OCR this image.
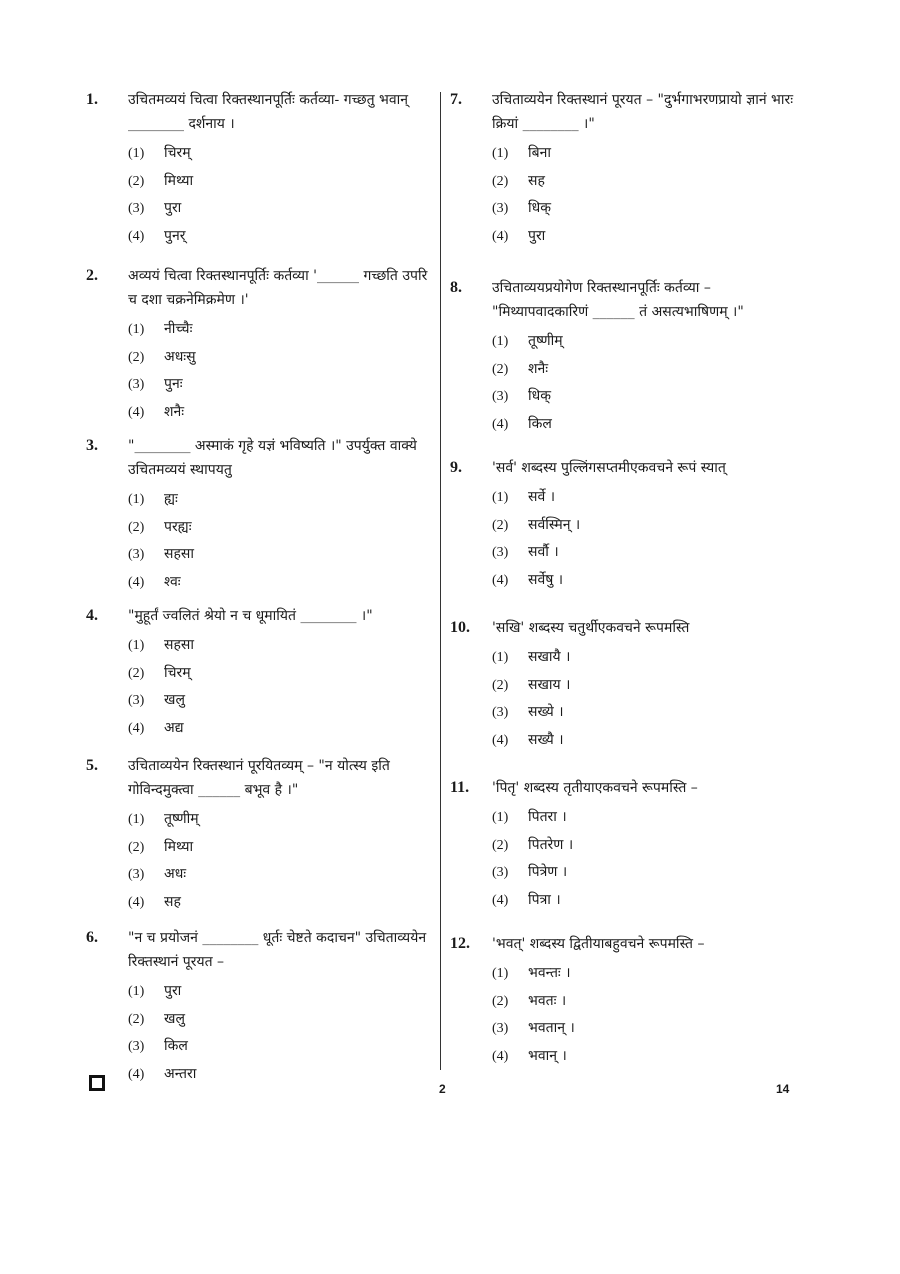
1.	उचितमव्ययं चित्वा रिक्तस्थानपूर्तिः कर्तव्या- गच्छतु भवान् ________ दर्शनाय ।
(1) चिरम्
(2) मिथ्या
(3) पुरा
(4) पुनर्
2.	अव्ययं चित्वा रिक्तस्थानपूर्तिः कर्तव्या '______ गच्छति उपरि च दशा चक्रनेमिक्रमेण ।'
(1) नीच्चैः
(2) अधःसु
(3) पुनः
(4) शनैः
3.	"________ अस्माकं गृहे यज्ञं भविष्यति ।" उपर्युक्त वाक्ये उचितमव्ययं स्थापयतु
(1) ह्यः
(2) परह्यः
(3) सहसा
(4) श्वः
4.	"मुहूर्तं ज्वलितं श्रेयो न च धूमायितं ________ ।"
(1) सहसा
(2) चिरम्
(3) खलु
(4) अद्य
5.	उचिताव्ययेन रिक्तस्थानं पूरयितव्यम् – "न योत्स्य इति गोविन्दमुक्त्वा ______ बभूव है ।"
(1) तूष्णीम्
(2) मिथ्या
(3) अधः
(4) सह
6.	"न च प्रयोजनं ________ धूर्तः चेष्टते कदाचन" उचिताव्ययेन रिक्तस्थानं पूरयत –
(1) पुरा
(2) खलु
(3) किल
(4) अन्तरा
7.	उचिताव्ययेन रिक्तस्थानं पूरयत – "दुर्भगाभरणप्रायो ज्ञानं भारः क्रियां ________ ।"
(1) बिना
(2) सह
(3) धिक्
(4) पुरा
8.	उचिताव्ययप्रयोगेण रिक्तस्थानपूर्तिः कर्तव्या – "मिथ्यापवादकारिणं ______ तं असत्यभाषिणम् ।"
(1) तूष्णीम्
(2) शनैः
(3) धिक्
(4) किल
9.	'सर्व' शब्दस्य पुल्लिंगसप्तमीएकवचने रूपं स्यात्
(1) सर्वे ।
(2) सर्वस्मिन् ।
(3) सर्वौ ।
(4) सर्वेषु ।
10.	'सखि' शब्दस्य चतुर्थीएकवचने रूपमस्ति
(1) सखायै ।
(2) सखाय ।
(3) सख्ये ।
(4) सख्यै ।
11.	'पितृ' शब्दस्य तृतीयाएकवचने रूपमस्ति –
(1) पितरा ।
(2) पितरेण ।
(3) पित्रेण ।
(4) पित्रा ।
12.	'भवत्' शब्दस्य द्वितीयाबहुवचने रूपमस्ति –
(1) भवन्तः ।
(2) भवतः ।
(3) भवतान् ।
(4) भवान् ।
2	14
